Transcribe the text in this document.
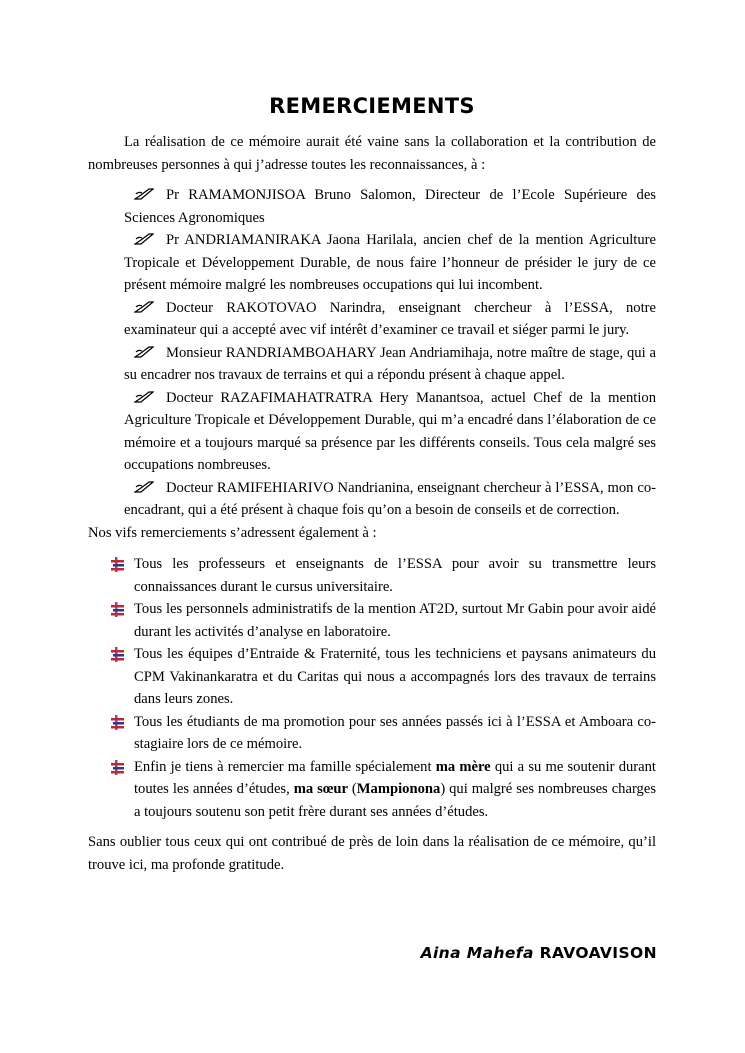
REMERCIEMENTS

La réalisation de ce mémoire aurait été vaine sans la collaboration et la contribution de nombreuses personnes à qui j’adresse toutes les reconnaissances, à :

Pr RAMAMONJISOA Bruno Salomon, Directeur de l’Ecole Supérieure des Sciences Agronomiques
Pr ANDRIAMANIRAKA Jaona Harilala, ancien chef de la mention Agriculture Tropicale et Développement Durable, de nous faire l’honneur de présider le jury de ce présent mémoire malgré les nombreuses occupations qui lui incombent.
Docteur RAKOTOVAO Narindra, enseignant chercheur à l’ESSA, notre examinateur qui a accepté avec vif intérêt d’examiner ce travail et siéger parmi le jury.
Monsieur RANDRIAMBOAHARY Jean Andriamihaja, notre maître de stage, qui a su encadrer nos travaux de terrains et qui a répondu présent à chaque appel.
Docteur RAZAFIMAHATRATRA Hery Manantsoa, actuel Chef de la mention Agriculture Tropicale et Développement Durable, qui m’a encadré dans l’élaboration de ce mémoire et a toujours marqué sa présence par les différents conseils. Tous cela malgré ses occupations nombreuses.
Docteur RAMIFEHIARIVO Nandrianina, enseignant chercheur à l’ESSA, mon co-encadrant, qui a été présent à chaque fois qu’on a besoin de conseils et de correction.

Nos vifs remerciements s’adressent également à :

Tous les professeurs et enseignants de l’ESSA pour avoir su transmettre leurs connaissances durant le cursus universitaire.
Tous les personnels administratifs de la mention AT2D, surtout Mr Gabin pour avoir aidé durant les activités d’analyse en laboratoire.
Tous les équipes d’Entraide & Fraternité, tous les techniciens et paysans animateurs du CPM Vakinankaratra et du Caritas qui nous a accompagnés lors des travaux de terrains dans leurs zones.
Tous les étudiants de ma promotion pour ses années passés ici à l’ESSA et Amboara co-stagiaire lors de ce mémoire.
Enfin je tiens à remercier ma famille spécialement ma mère qui a su me soutenir durant toutes les années d’études, ma sœur (Mampionona) qui malgré ses nombreuses charges a toujours soutenu son petit frère durant ses années d’études.

Sans oublier tous ceux qui ont contribué de près de loin dans la réalisation de ce mémoire, qu’il trouve ici, ma profonde gratitude.

Aina Mahefa RAVOAVISON
